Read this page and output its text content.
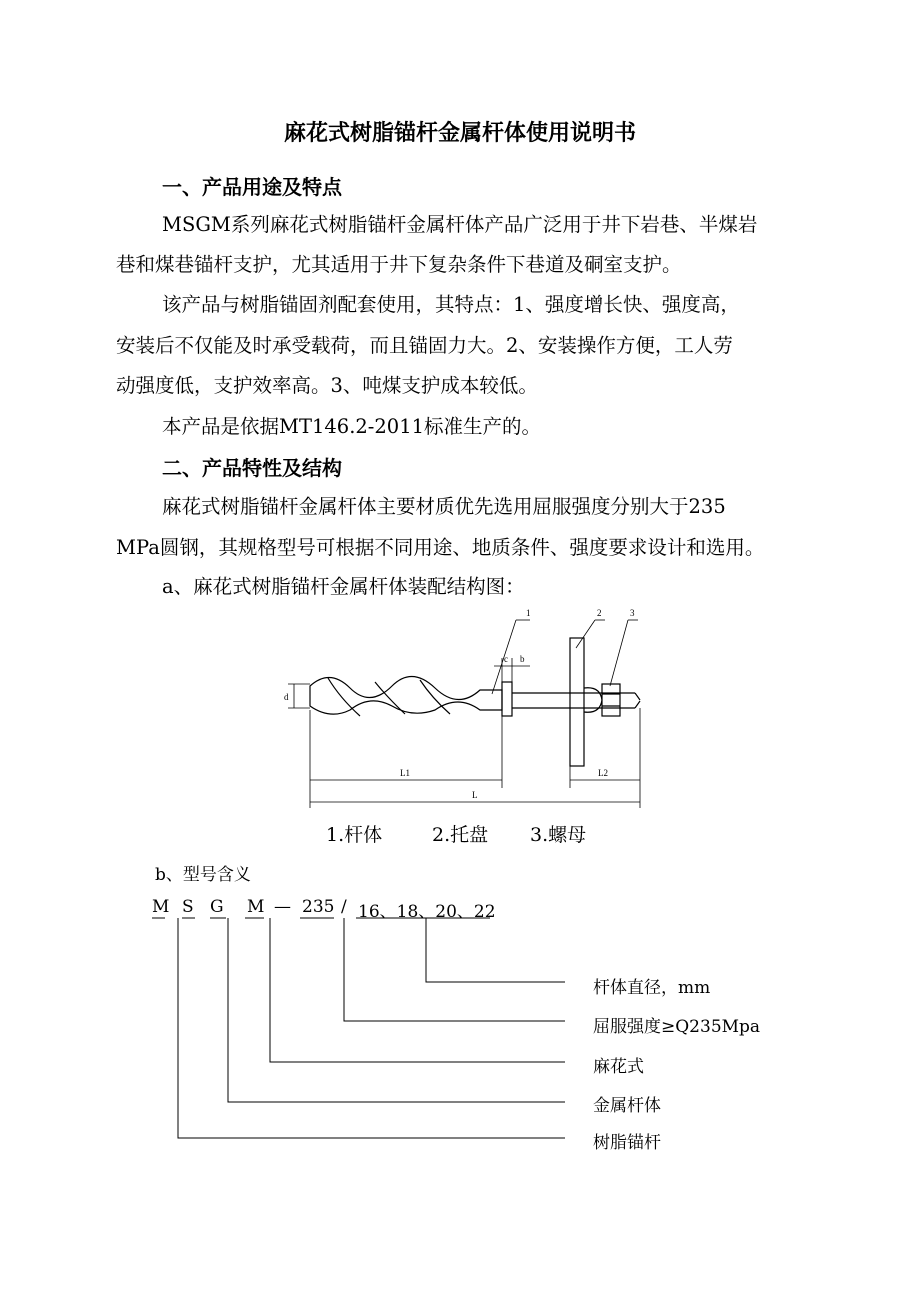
麻花式树脂锚杆金属杆体使用说明书
一、产品用途及特点
MSGM系列麻花式树脂锚杆金属杆体产品广泛用于井下岩巷、半煤岩
巷和煤巷锚杆支护，尤其适用于井下复杂条件下巷道及硐室支护。
该产品与树脂锚固剂配套使用，其特点：1、强度增长快、强度高，
安装后不仅能及时承受载荷，而且锚固力大。2、安装操作方便，工人劳
动强度低，支护效率高。3、吨煤支护成本较低。
本产品是依据MT146.2-2011标准生产的。
二、产品特性及结构
麻花式树脂锚杆金属杆体主要材质优先选用屈服强度分别大于235
MPa圆钢，其规格型号可根据不同用途、地质条件、强度要求设计和选用。
a、麻花式树脂锚杆金属杆体装配结构图：
1	2	3
c b
d
L1	L2
L
1.杆体	2.托盘 3.螺母
b、型号含义
M S G M — 235 / 16、18、20、22
杆体直径，mm
屈服强度≥Q235Mpa
麻花式
金属杆体
树脂锚杆
